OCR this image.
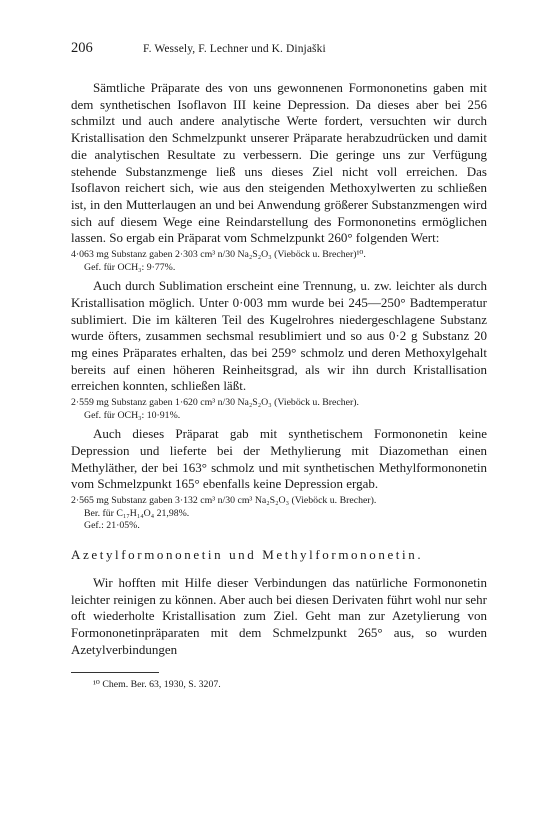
206	F. Wessely, F. Lechner und K. Dinjaški

Sämtliche Präparate des von uns gewonnenen Formononetins gaben mit dem synthetischen Isoflavon III keine Depression. Da dieses aber bei 256 schmilzt und auch andere analytische Werte fordert, versuchten wir durch Kristallisation den Schmelzpunkt unserer Präparate herabzudrücken und damit die analytischen Resultate zu verbessern. Die geringe uns zur Verfügung stehende Substanzmenge ließ uns dieses Ziel nicht voll erreichen. Das Isoflavon reichert sich, wie aus den steigenden Methoxylwerten zu schließen ist, in den Mutterlaugen an und bei Anwendung größerer Substanzmengen wird sich auf diesem Wege eine Reindarstellung des Formononetins ermöglichen lassen. So ergab ein Präparat vom Schmelzpunkt 260° folgenden Wert:

4·063 mg Substanz gaben 2·303 cm³ n/30 Na₂S₂O₃ (Vieböck u. Brecher)¹⁰.
Gef. für OCH₃: 9·77%.

Auch durch Sublimation erscheint eine Trennung, u. zw. leichter als durch Kristallisation möglich. Unter 0·003 mm wurde bei 245—250° Badtemperatur sublimiert. Die im kälteren Teil des Kugelrohres niedergeschlagene Substanz wurde öfters, zusammen sechsmal resublimiert und so aus 0·2 g Substanz 20 mg eines Präparates erhalten, das bei 259° schmolz und deren Methoxylgehalt bereits auf einen höheren Reinheitsgrad, als wir ihn durch Kristallisation erreichen konnten, schließen läßt.

2·559 mg Substanz gaben 1·620 cm³ n/30 Na₂S₂O₃ (Vieböck u. Brecher).
Gef. für OCH₃: 10·91%.

Auch dieses Präparat gab mit synthetischem Formononetin keine Depression und lieferte bei der Methylierung mit Diazomethan einen Methyläther, der bei 163° schmolz und mit synthetischen Methylformononetin vom Schmelzpunkt 165° ebenfalls keine Depression ergab.

2·565 mg Substanz gaben 3·132 cm³ n/30 cm³ Na₂S₂O₃ (Vieböck u. Brecher).
Ber. für C₁₇H₁₄O₄ 21,98%.
Gef.: 21·05%.
Azetylformononetin und Methylformononetin.

Wir hofften mit Hilfe dieser Verbindungen das natürliche Formononetin leichter reinigen zu können. Aber auch bei diesen Derivaten führt wohl nur sehr oft wiederholte Kristallisation zum Ziel. Geht man zur Azetylierung von Formononetinpräparaten mit dem Schmelzpunkt 265° aus, so wurden Azetylverbindungen

¹⁰ Chem. Ber. 63, 1930, S. 3207.
